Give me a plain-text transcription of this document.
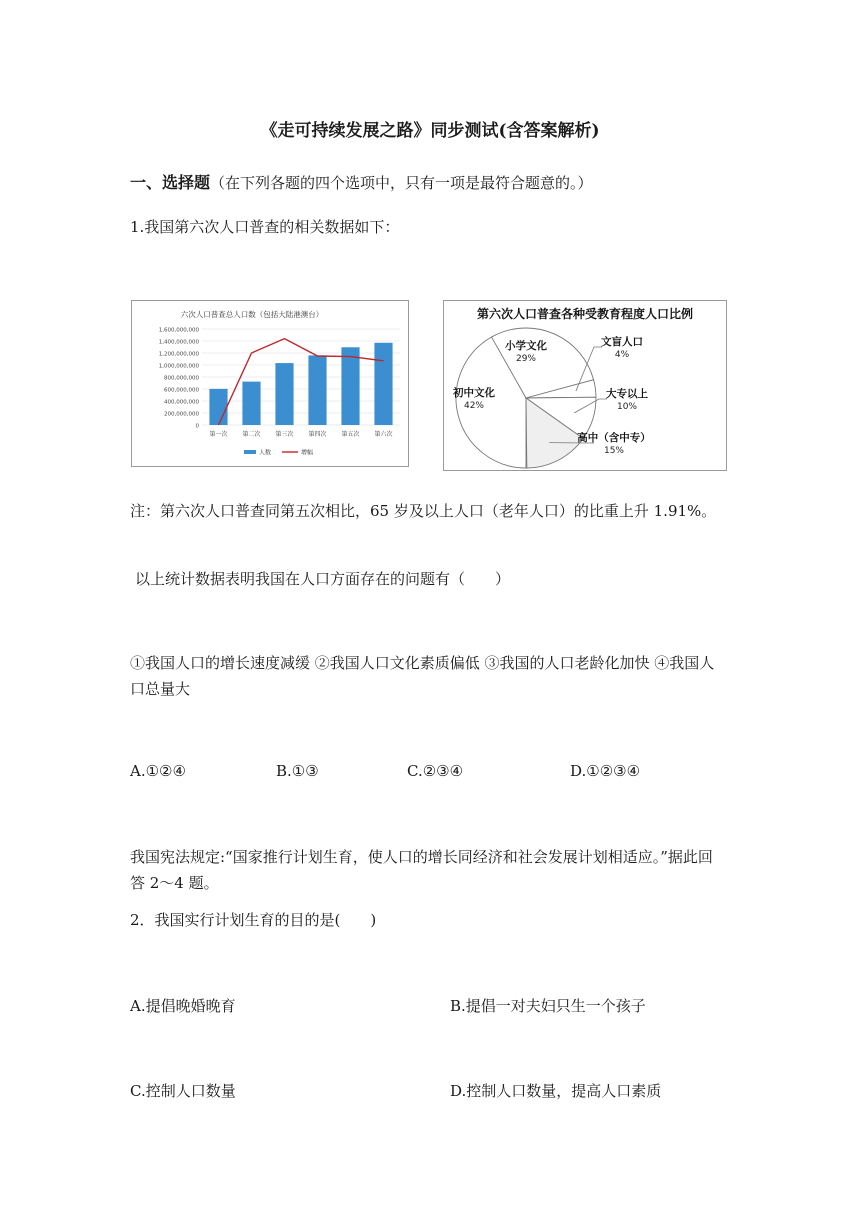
《走可持续发展之路》同步测试(含答案解析)
一、选择题（在下列各题的四个选项中，只有一项是最符合题意的。）
1.我国第六次人口普查的相关数据如下：
六次人口普查总人口数（包括大陆港澳台）
第一次 第二次 第三次 第四次 第五次 第六次
0
200,000,000
400,000,000
600,000,000
800,000,000
1,000,000,000
1,200,000,000
1,400,000,000
1,600,000,000
人数	增幅
第六次人口普查各种受教育程度人口比例
初中文化
42%
小学文化
29%
文盲人口
4%
大专以上
10%
高中（含中专）
15%
注：第六次人口普查同第五次相比，65 岁及以上人口（老年人口）的比重上升 1.91%。
以上统计数据表明我国在人口方面存在的问题有（　　）
①我国人口的增长速度减缓 ②我国人口文化素质偏低 ③我国的人口老龄化加快 ④我国人口总量大
A.①②④	B.①③	C.②③④	D.①②③④
我国宪法规定:“国家推行计划生育，使人口的增长同经济和社会发展计划相适应。”据此回答 2～4 题。
2．我国实行计划生育的目的是(　　)
A.提倡晚婚晚育	B.提倡一对夫妇只生一个孩子
C.控制人口数量	D.控制人口数量，提高人口素质
